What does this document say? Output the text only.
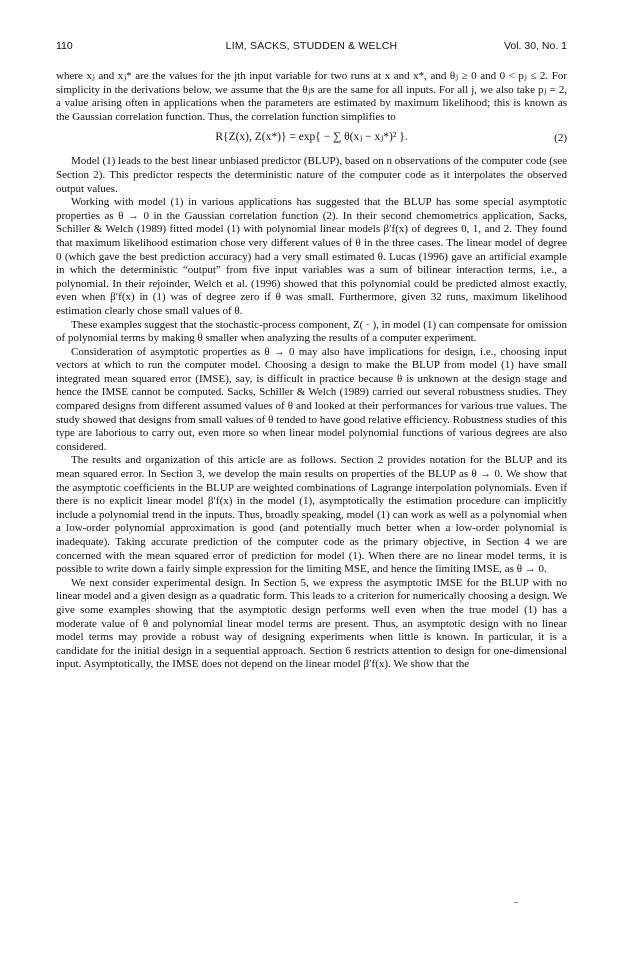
110	LIM, SACKS, STUDDEN & WELCH	Vol. 30, No. 1

where xⱼ and xⱼ* are the values for the jth input variable for two runs at x and x*, and θⱼ ≥ 0 and 0 < pⱼ ≤ 2. For simplicity in the derivations below, we assume that the θⱼs are the same for all inputs. For all j, we also take pⱼ = 2, a value arising often in applications when the parameters are estimated by maximum likelihood; this is known as the Gaussian correlation function. Thus, the correlation function simplifies to

R{Z(x), Z(x*)} = exp{ − ∑ θ(xⱼ − xⱼ*)² }.	(2)

Model (1) leads to the best linear unbiased predictor (BLUP), based on n observations of the computer code (see Section 2). This predictor respects the deterministic nature of the computer code as it interpolates the observed output values.

Working with model (1) in various applications has suggested that the BLUP has some special asymptotic properties as θ → 0 in the Gaussian correlation function (2). In their second chemometrics application, Sacks, Schiller & Welch (1989) fitted model (1) with polynomial linear models β′f(x) of degrees 0, 1, and 2. They found that maximum likelihood estimation chose very different values of θ in the three cases. The linear model of degree 0 (which gave the best prediction accuracy) had a very small estimated θ. Lucas (1996) gave an artificial example in which the deterministic “output” from five input variables was a sum of bilinear interaction terms, i.e., a polynomial. In their rejoinder, Welch et al. (1996) showed that this polynomial could be predicted almost exactly, even when β′f(x) in (1) was of degree zero if θ was small. Furthermore, given 32 runs, maximum likelihood estimation clearly chose small values of θ.

These examples suggest that the stochastic-process component, Z( · ), in model (1) can compensate for omission of polynomial terms by making θ smaller when analyzing the results of a computer experiment.

Consideration of asymptotic properties as θ → 0 may also have implications for design, i.e., choosing input vectors at which to run the computer model. Choosing a design to make the BLUP from model (1) have small integrated mean squared error (IMSE), say, is difficult in practice because θ is unknown at the design stage and hence the IMSE cannot be computed. Sacks, Schiller & Welch (1989) carried out several robustness studies. They compared designs from different assumed values of θ and looked at their performances for various true values. The study showed that designs from small values of θ tended to have good relative efficiency. Robustness studies of this type are laborious to carry out, even more so when linear model polynomial functions of various degrees are also considered.

The results and organization of this article are as follows. Section 2 provides notation for the BLUP and its mean squared error. In Section 3, we develop the main results on properties of the BLUP as θ → 0. We show that the asymptotic coefficients in the BLUP are weighted combinations of Lagrange interpolation polynomials. Even if there is no explicit linear model β′f(x) in the model (1), asymptotically the estimation procedure can implicitly include a polynomial trend in the inputs. Thus, broadly speaking, model (1) can work as well as a polynomial when a low-order polynomial approximation is good (and potentially much better when a low-order polynomial is inadequate). Taking accurate prediction of the computer code as the primary objective, in Section 4 we are concerned with the mean squared error of prediction for model (1). When there are no linear model terms, it is possible to write down a fairly simple expression for the limiting MSE, and hence the limiting IMSE, as θ → 0.

We next consider experimental design. In Section 5, we express the asymptotic IMSE for the BLUP with no linear model and a given design as a quadratic form. This leads to a criterion for numerically choosing a design. We give some examples showing that the asymptotic design performs well even when the true model (1) has a moderate value of θ and polynomial linear model terms are present. Thus, an asymptotic design with no linear model terms may provide a robust way of designing experiments when little is known. In particular, it is a candidate for the initial design in a sequential approach. Section 6 restricts attention to design for one-dimensional input. Asymptotically, the IMSE does not depend on the linear model β′f(x). We show that the
